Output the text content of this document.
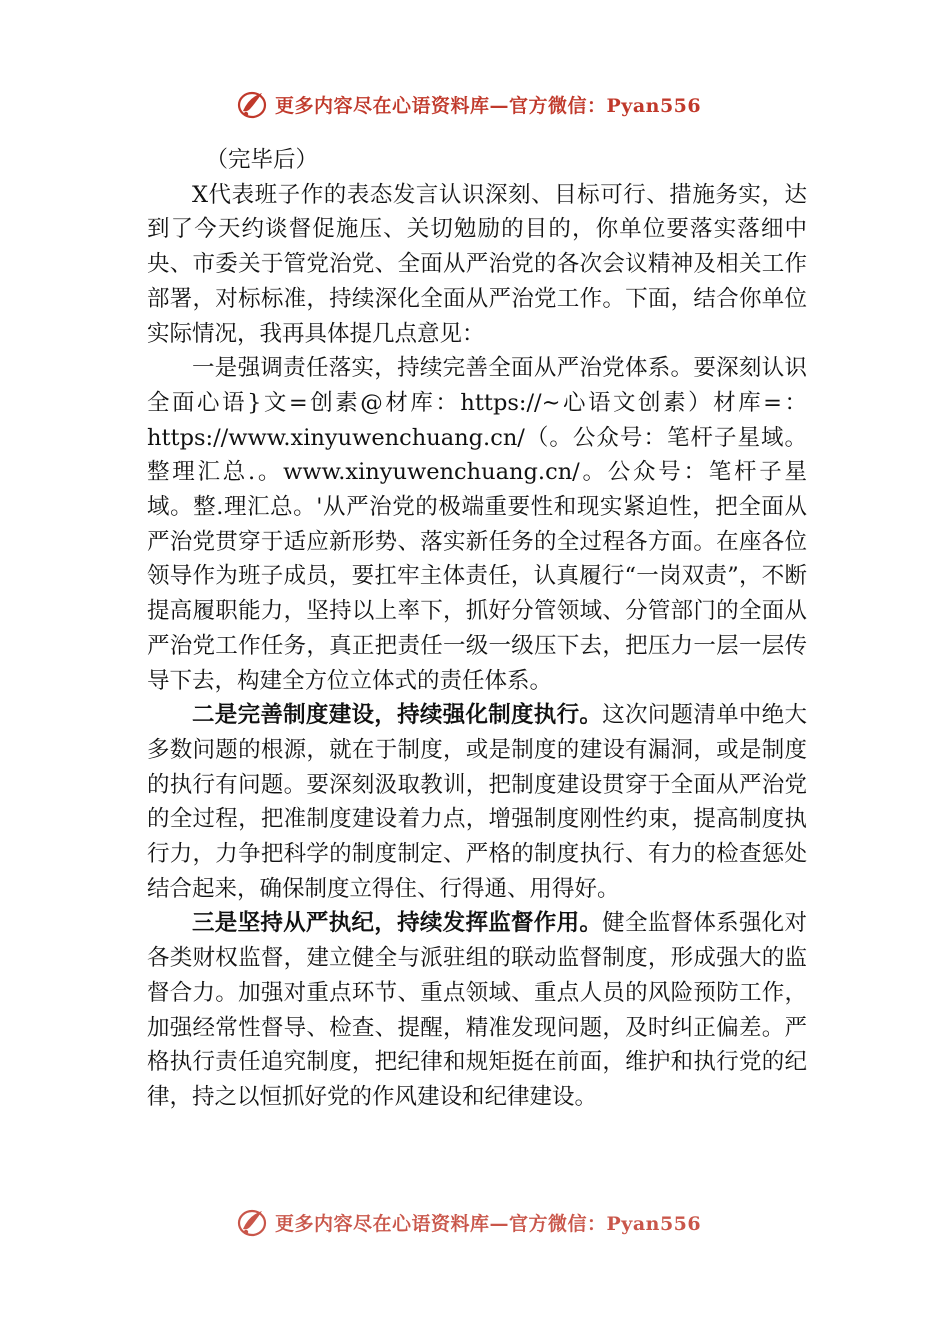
更多内容尽在心语资料库—官方微信：Pyan556

（完毕后）

X代表班子作的表态发言认识深刻、目标可行、措施务实，达到了今天约谈督促施压、关切勉励的目的，你单位要落实落细中央、市委关于管党治党、全面从严治党的各次会议精神及相关工作部署，对标标准，持续深化全面从严治党工作。下面，结合你单位实际情况，我再具体提几点意见：

一是强调责任落实，持续完善全面从严治党体系。要深刻认识全面心语}文=创素@材库：https://~心语文创素）材库=：https://www.xinyuwenchuang.cn/（。公众号：笔杆子星域。整理汇总.。www.xinyuwenchuang.cn/。公众号：笔杆子星域。整.理汇总。'从严治党的极端重要性和现实紧迫性，把全面从严治党贯穿于适应新形势、落实新任务的全过程各方面。在座各位领导作为班子成员，要扛牢主体责任，认真履行“一岗双责”，不断提高履职能力，坚持以上率下，抓好分管领域、分管部门的全面从严治党工作任务，真正把责任一级一级压下去，把压力一层一层传导下去，构建全方位立体式的责任体系。

二是完善制度建设，持续强化制度执行。这次问题清单中绝大多数问题的根源，就在于制度，或是制度的建设有漏洞，或是制度的执行有问题。要深刻汲取教训，把制度建设贯穿于全面从严治党的全过程，把准制度建设着力点，增强制度刚性约束，提高制度执行力，力争把科学的制度制定、严格的制度执行、有力的检查惩处结合起来，确保制度立得住、行得通、用得好。

三是坚持从严执纪，持续发挥监督作用。健全监督体系强化对各类财权监督，建立健全与派驻组的联动监督制度，形成强大的监督合力。加强对重点环节、重点领域、重点人员的风险预防工作，加强经常性督导、检查、提醒，精准发现问题，及时纠正偏差。严格执行责任追究制度，把纪律和规矩挺在前面，维护和执行党的纪律，持之以恒抓好党的作风建设和纪律建设。

更多内容尽在心语资料库—官方微信：Pyan556
